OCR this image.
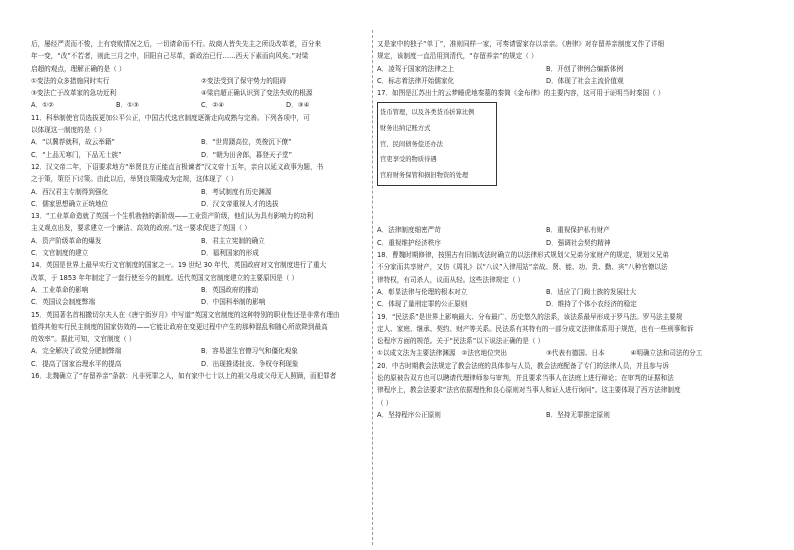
后，屡经严责而不悛，上有衰败情况之后，一切请命而不行。故商人皆失先主之所设改革者，百分来
年一变，“改”不若者，则此三月之中，旧阳自己尽革，新政治已行……西天下素而向风矣。”对梁
启超的观点，理解正确的是（ ）
①变法的众多措施同时实行	②变法受到了保守势力的阻碍
③变法亡于改革家的急功近利	④梁启超正确认识到了变法失败的根源
A．①②	B．①③	C．②④	D．③④
11．科举制使官员选拔更加公平公正，中国古代选官制度逐渐走向成熟与完善。下列各项中，可
以体现这一制度的是（ ）
A．“以冀荐就科，故云举籍”	B．“世胄蹑高位，英俊沉下僚”
C．“上品无寒门，下品无士族”	D．“朝为田舍郎，暮登天子堂”
12．汉文帝二年，下诏要求地方“举贤良方正能直言极谏者”汉文帝十五年，亲自以延义政事为题，书
之于策，策臣下讨策。由此以后，举贤良策隆成为定规，这体现了（ ）
A．西汉君主专制得到强化	B．考试制度有历史渊源
C．儒家思想确立正统地位	D．汉文帝重视人才的选拔
13．“工业革命造就了英国一个生机勃勃的新阶级——工业资产阶级，他们认为具有影响力的功利
主义观点出发，要求建立一个廉洁、高效的政府。”这一要求促进了英国（ ）
A．资产阶级革命的爆发	B．君主立宪制的确立
C．文官制度的建立	D．福利国家的形成
14．英国是世界上最早实行文官制度的国家之一。19 世纪 30 年代，英国政府对文官制度进行了重大
改革，于 1853 年年制定了一套行使至今的制度。近代英国文官制度建立的主要原因是（ ）
A．工业革命的影响	B．英国政府的推动
C．英国议会制度弊端	D．中国科举制的影响
15．英国著名首相撒切尔夫人在《唐宁街岁月》中写道“英国文官制度的这种特别的职业性还是非常有理由
值得其他实行民主制度的国家仿效的——它能让政府在变更过程中产生的那种混乱和随心所欲降到最高
的效率”。据此可知，文官制度（ ）
A．完全解决了政党分肥制弊端	B．容易滋生官僚习气和僵化观象
C．提高了国家治理水平的提高	D．出现推诿扯皮、争权夺利现象
16．北魏确立了“存留养亲”条款：凡非死罪之人，如有家中七十以上的祖父母或父母无人照顾，而犯罪者
又是家中的独子“单丁”，准则同样一家，可奏请留家存以亲亲。《唐律》对存留养亲制度又作了详细
规定，该制度一直沿用到清代，“存留养亲”的规定（ ）
A．凌驾于国家的法律之上	B．开创了律例合编新体例
C．标志着法律开始儒家化	D．体现了社会主流价值观
17．如图是江苏出土的云梦睡虎地秦墓的秦简《金布律》的主要内容，这可用于证明当时秦国（ ）
货币管理，以及各类货币折算比例
财务出纳记账方式
官、民间债务偿还办法
官吏享受的物质待遇
官府财务保管和损旧物资的处理
A．法律制度细密严苛	B．重视保护私有财产
C．重视维护经济秩序	D．强调社会契约精神
18．曹魏时期修律，按照古有旧制改法时确立的以法律形式规划父兄弟分家财产的规定，规划父兄弟
不分家而共享财产，又仿《周礼》以“八议”入律用站“亲故、贤、能、功、贵、勤、宾”八种官僚以法
律特权，有司杀人，议而从轻。这些法律规定（ ）
A．彰显法律与伦理的根本对立	B．适应了门阀士族的发展壮大
C．体现了量刑定罪的公正原则	D．维持了个体小农经济的稳定
19．“民法系”是世界上影响最大、分布最广、历史悠久的法系，该法系最早形成于罗马法。罗马法主要规
定人、家庭、继承、契约、财产等关系。民法系有其特有的一部分成文法律体系用于规范，也有一些刑事和诉
讼程序方面的规范。关于“民法系”以下说法正确的是（ ）
①以成文法为主要法律渊源 ②法官地位突出	③代表有德国、日本	④明确立法和司法的分工
20．中古时期教会法规定了教会法庭的具体参与人员，教会法庭配备了专门的法律人员，并且参与诉
讼的原被告双方也可以聘请代理律师参与审判，并且要求当事人在法庭上进行辩论；在审判的证据和法
律程序上，教会法要求“法官依据理性和良心原则对当事人和证人进行询问”。这主要体现了西方法律制度
（ ）
A．坚持程序公正原则	B．坚持无罪推定原则
